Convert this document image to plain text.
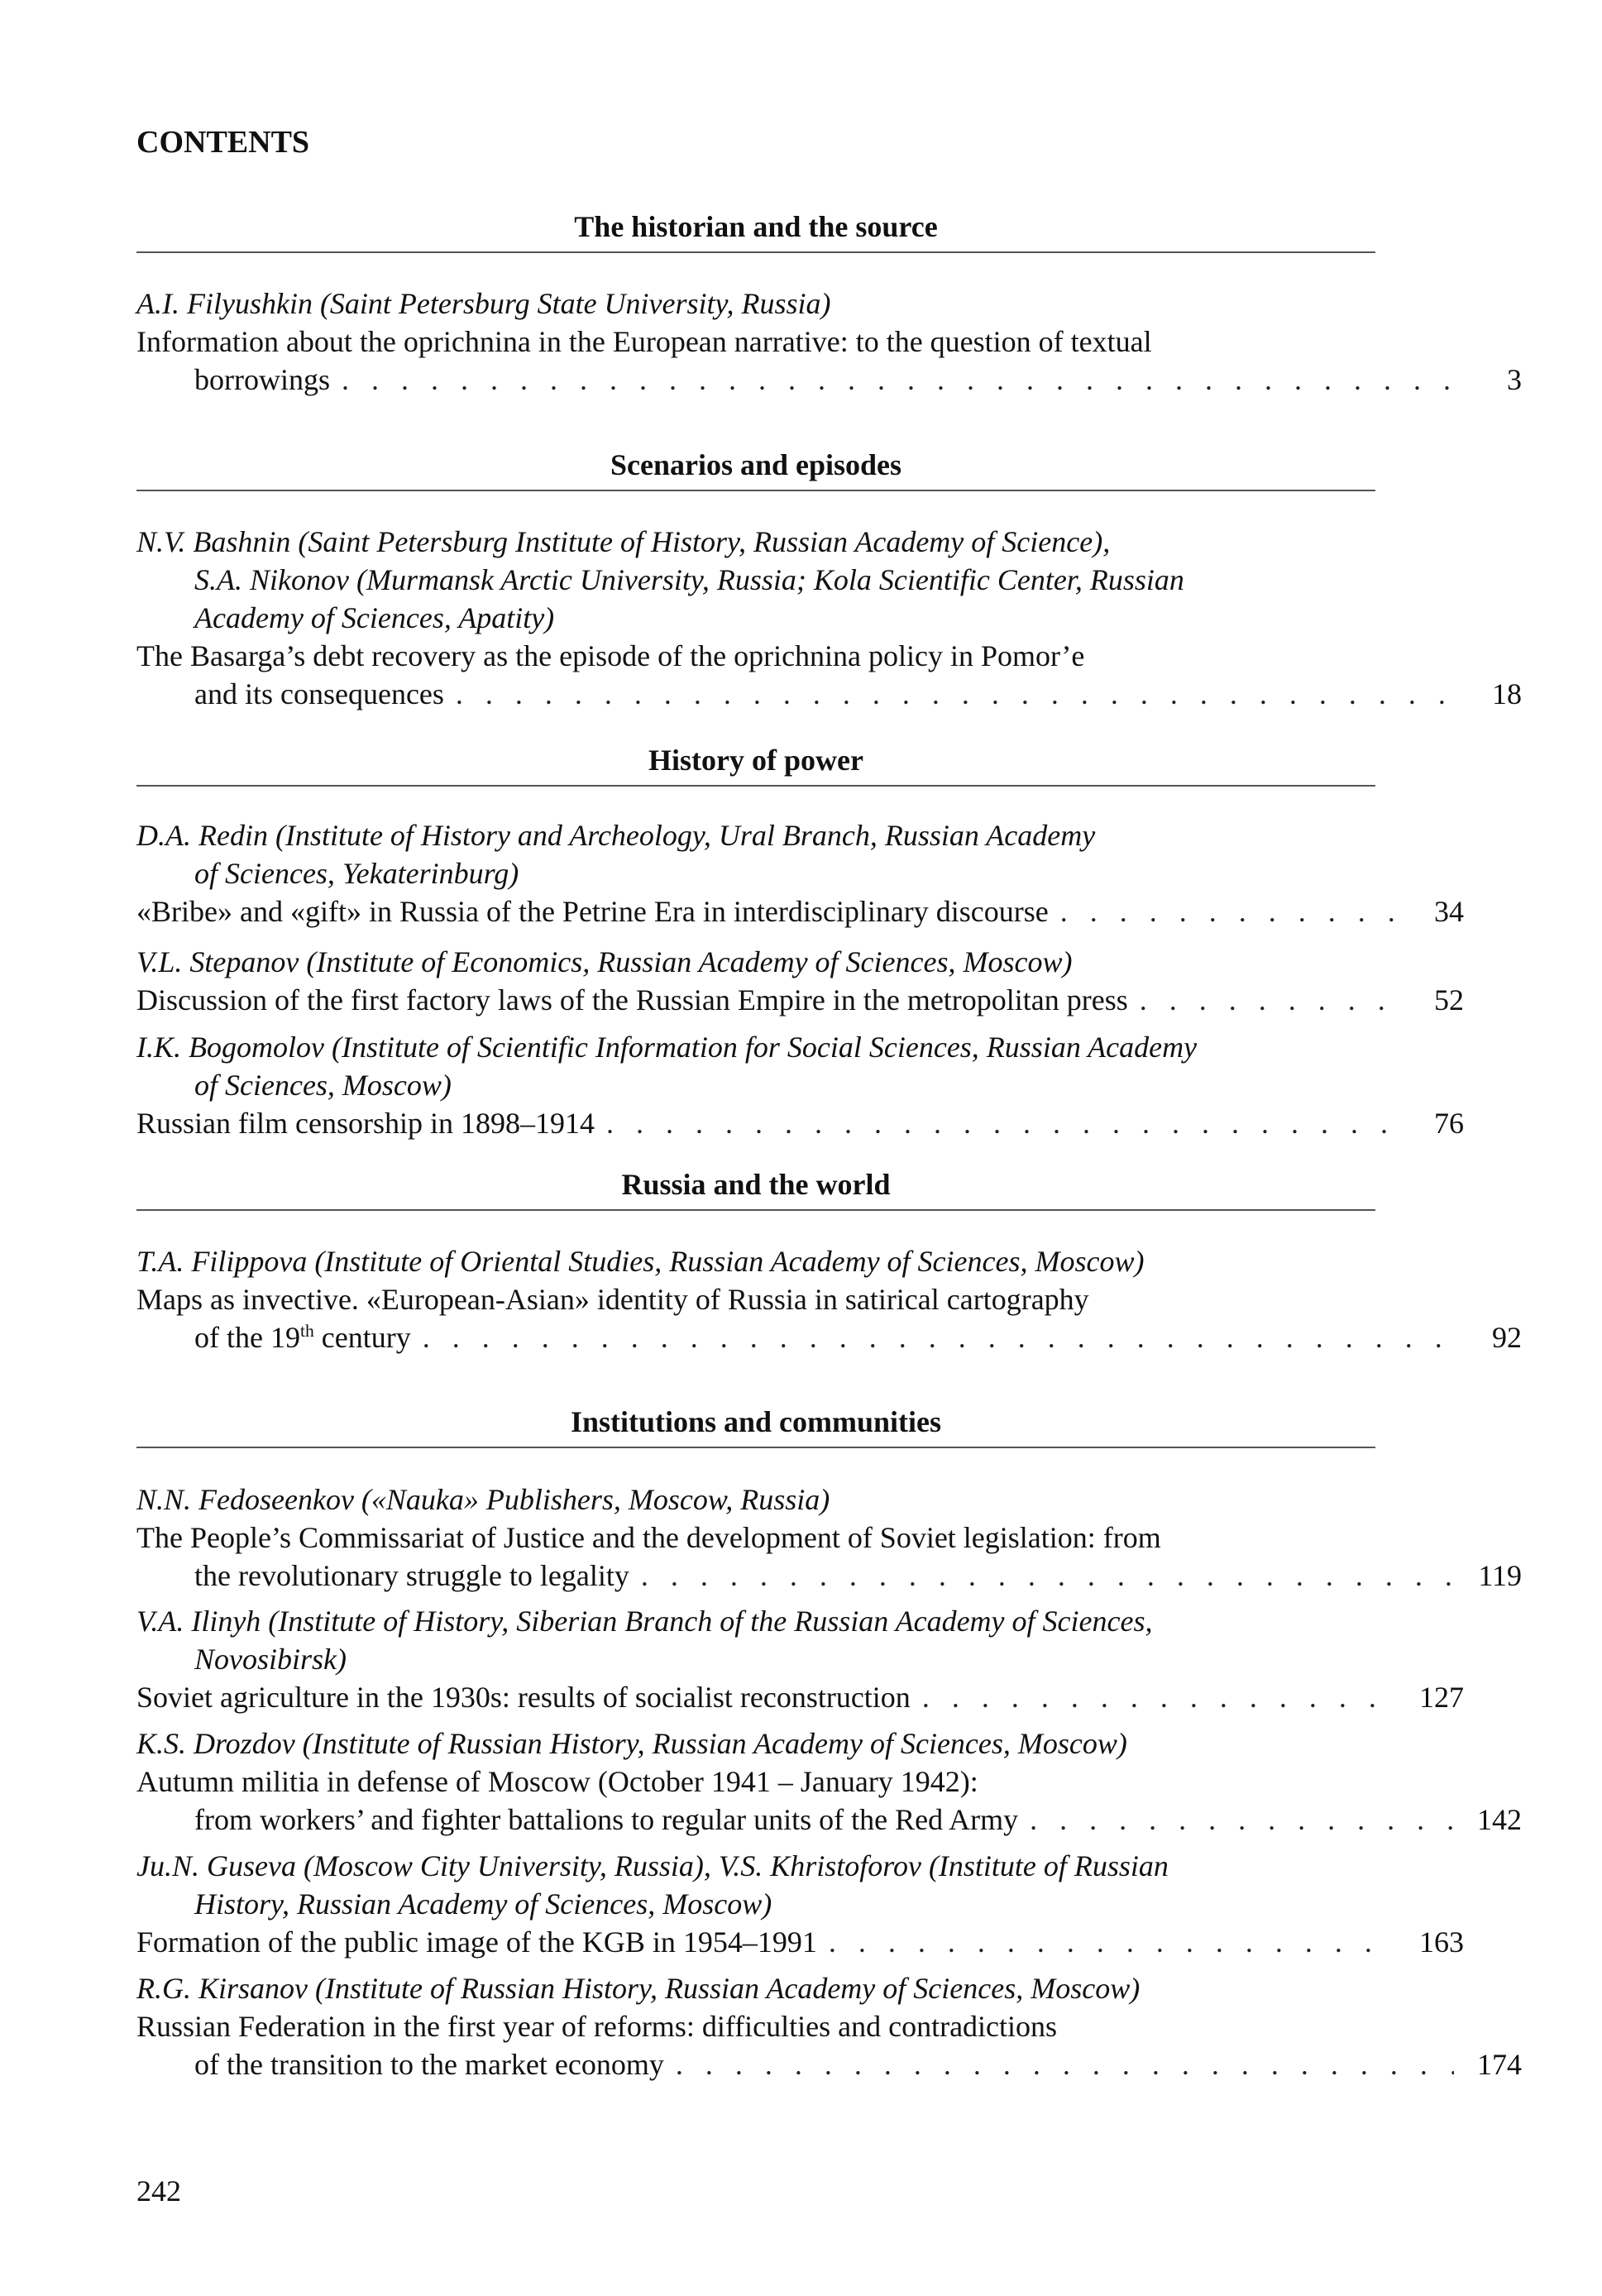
CONTENTS
The historian and the source
A.I. Filyushkin (Saint Petersburg State University, Russia)
Information about the oprichnina in the European narrative: to the question of textual
borrowings . . .	3
Scenarios and episodes
N.V. Bashnin (Saint Petersburg Institute of History, Russian Academy of Science),
S.A. Nikonov (Murmansk Arctic University, Russia; Kola Scientific Center, Russian
Academy of Sciences, Apatity)
The Basarga’s debt recovery as the episode of the oprichnina policy in Pomor’e
and its consequences . . .	18
History of power
D.A. Redin (Institute of History and Archeology, Ural Branch, Russian Academy
of Sciences, Yekaterinburg)
«Bribe» and «gift» in Russia of the Petrine Era in interdisciplinary discourse . . .	34
V.L. Stepanov (Institute of Economics, Russian Academy of Sciences, Moscow)
Discussion of the first factory laws of the Russian Empire in the metropolitan press . . .	52
I.K. Bogomolov (Institute of Scientific Information for Social Sciences, Russian Academy
of Sciences, Moscow)
Russian film censorship in 1898–1914 . . .	76
Russia and the world
T.A. Filippova (Institute of Oriental Studies, Russian Academy of Sciences, Moscow)
Maps as invective. «European-Asian» identity of Russia in satirical cartography
of the 19th century . . .	92
Institutions and communities
N.N. Fedoseenkov («Nauka» Publishers, Moscow, Russia)
The People’s Commissariat of Justice and the development of Soviet legislation: from
the revolutionary struggle to legality . . .	119
V.A. Ilinyh (Institute of History, Siberian Branch of the Russian Academy of Sciences,
Novosibirsk)
Soviet agriculture in the 1930s: results of socialist reconstruction . . .	127
K.S. Drozdov (Institute of Russian History, Russian Academy of Sciences, Moscow)
Autumn militia in defense of Moscow (October 1941 – January 1942):
from workers’ and fighter battalions to regular units of the Red Army . . .	142
Ju.N. Guseva (Moscow City University, Russia), V.S. Khristoforov (Institute of Russian
History, Russian Academy of Sciences, Moscow)
Formation of the public image of the KGB in 1954–1991 . . .	163
R.G. Kirsanov (Institute of Russian History, Russian Academy of Sciences, Moscow)
Russian Federation in the first year of reforms: difficulties and contradictions
of the transition to the market economy . . .	174
242
